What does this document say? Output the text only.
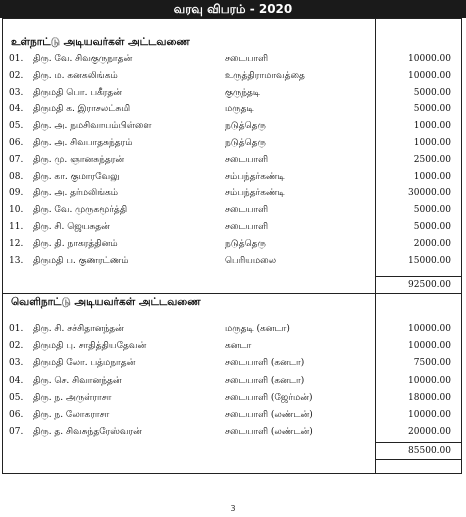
வரவு விபரம் - 2020
உள்நாட்டு அடியவர்கள் அட்டவணை
01.	திரு. வே. சிவகுருநாதன்	சடையாளி	10000.00
02.	திரு. ம. கனகலிங்கம்	உருத்திராமாவத்தை	10000.00
03.	திருமதி பொ. பகீரதன்	குருந்தடி	5000.00
04.	திருமதி க. இராசலட்சுமி	மருதடி	5000.00
05.	திரு. அ. நமசிவாயம்பிள்ளை	நடுத்தெரு	1000.00
06.	திரு. அ. சிவபாதசுந்தரம்	நடுத்தெரு	1000.00
07.	திரு. மு. ஞானசுந்தரன்	சடையாளி	2500.00
08.	திரு. கா. குமாரவேலு	சம்பந்தர்கண்டி	1000.00
09.	திரு. அ. தர்மலிங்கம்	சம்பந்தர்கண்டி	30000.00
10.	திரு. வே. முருகமூர்த்தி	சடையாளி	5000.00
11.	திரு. சி. ஜெயசுதன்	சடையாளி	5000.00
12.	திரு. தி. நாகரத்தினம்	நடுத்தெரு	2000.00
13.	திருமதி ப. குணரட்ணம்	பெரியமலை	15000.00
92500.00
வெளிநாட்டு அடியவர்கள் அட்டவணை
01.	திரு. சி. சச்சிதானந்தன்	மருதடி (கனடா)	10000.00
02.	திருமதி பு. சாதித்தியதேவன்	கனடா	10000.00
03.	திருமதி லோ. பத்மநாதன்	சடையாளி (கனடா)	7500.00
04.	திரு. செ. சிவானந்தன்	சடையாளி (கனடா)	10000.00
05.	திரு. ந. அருள்ராசா	சடையாளி (ஜேர்மன்)	18000.00
06.	திரு. ந. லோகராசா	சடையாளி (லண்டன்)	10000.00
07.	திரு. த. சிவசுந்தரேஸ்வரன்	சடையாளி (லண்டன்)	20000.00
85500.00
3
